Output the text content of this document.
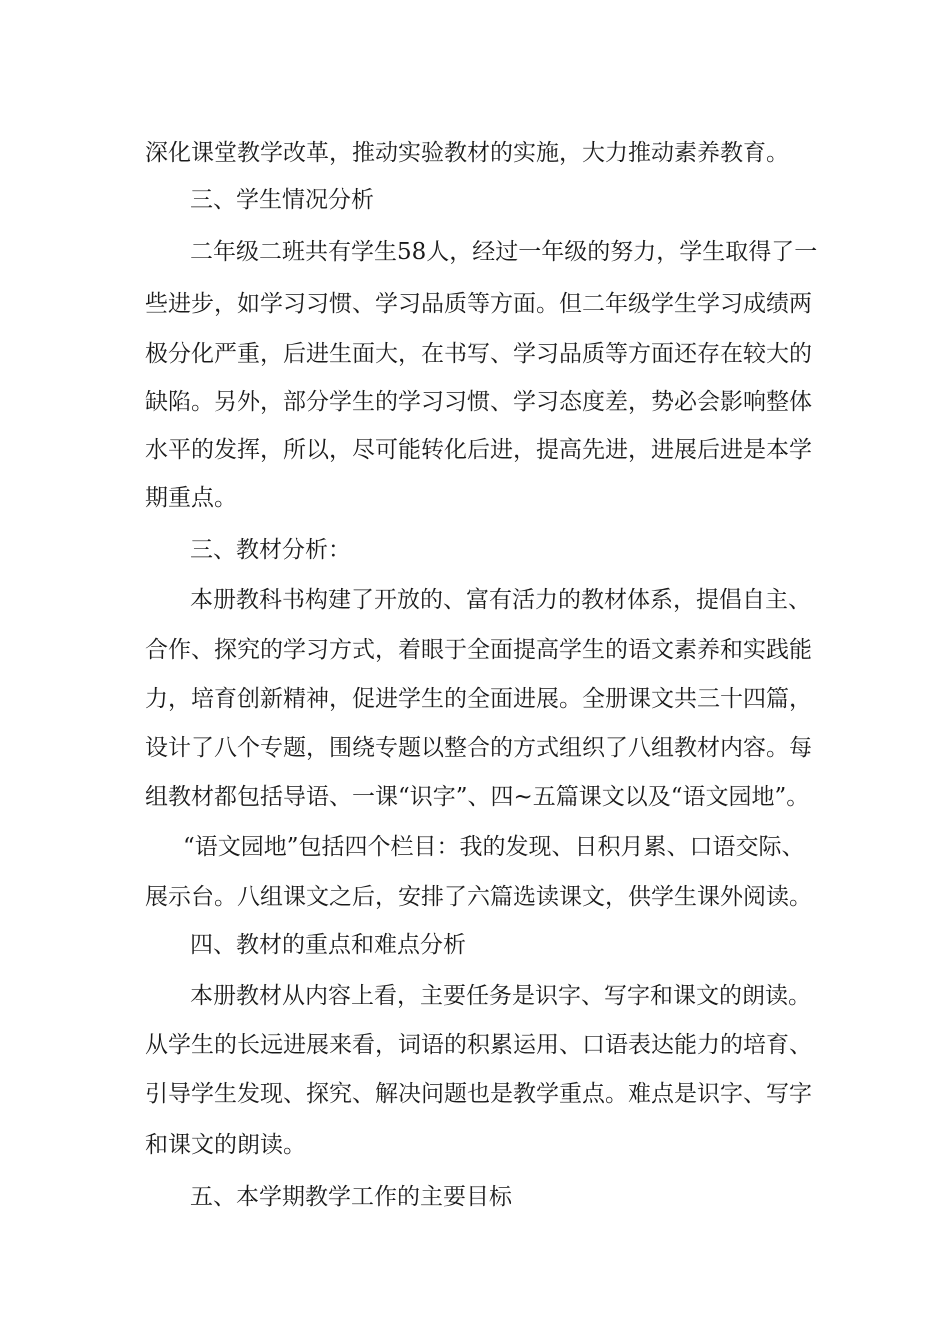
深化课堂教学改革，推动实验教材的实施，大力推动素养教育。
三、学生情况分析
二年级二班共有学生58人，经过一年级的努力，学生取得了一
些进步，如学习习惯、学习品质等方面。但二年级学生学习成绩两
极分化严重，后进生面大，在书写、学习品质等方面还存在较大的
缺陷。另外，部分学生的学习习惯、学习态度差，势必会影响整体
水平的发挥，所以，尽可能转化后进，提高先进，进展后进是本学
期重点。
三、教材分析：
本册教科书构建了开放的、富有活力的教材体系，提倡自主、
合作、探究的学习方式，着眼于全面提高学生的语文素养和实践能
力，培育创新精神，促进学生的全面进展。全册课文共三十四篇，
设计了八个专题，围绕专题以整合的方式组织了八组教材内容。每
组教材都包括导语、一课“识字”、四~五篇课文以及“语文园地”。
“语文园地”包括四个栏目：我的发现、日积月累、口语交际、
展示台。八组课文之后，安排了六篇选读课文，供学生课外阅读。
四、教材的重点和难点分析
本册教材从内容上看，主要任务是识字、写字和课文的朗读。
从学生的长远进展来看，词语的积累运用、口语表达能力的培育、
引导学生发现、探究、解决问题也是教学重点。难点是识字、写字
和课文的朗读。
五、本学期教学工作的主要目标
